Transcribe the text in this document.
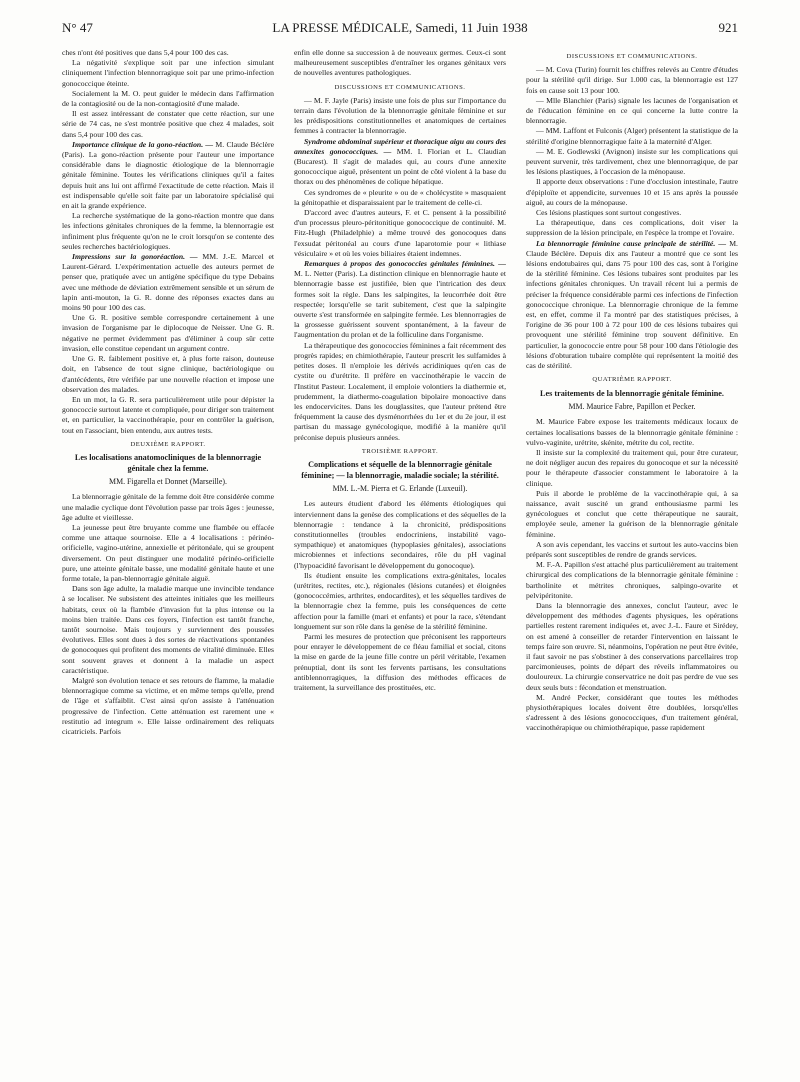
N° 47	LA PRESSE MÉDICALE, Samedi, 11 Juin 1938	921

ches n'ont été positives que dans 5,4 pour 100 des cas.

La négativité s'explique soit par une infection simulant cliniquement l'infection blennorragique soit par une primo-infection gonococcique éteinte.

Socialement la M. O. peut guider le médecin dans l'affirmation de la contagiosité ou de la non-contagiosité d'une malade.

Il est assez intéressant de constater que cette réaction, sur une série de 74 cas, ne s'est montrée positive que chez 4 malades, soit dans 5,4 pour 100 des cas.

Importance clinique de la gono-réaction. — M. Claude Béclère (Paris). La gono-réaction présente pour l'auteur une importance considérable dans le diagnostic étiologique de la blennorragie génitale féminine. Toutes les vérifications cliniques qu'il a faites depuis huit ans lui ont affirmé l'exactitude de cette réaction. Mais il est indispensable qu'elle soit faite par un laboratoire spécialisé qui en ait la grande expérience.

La recherche systématique de la gono-réaction montre que dans les infections génitales chroniques de la femme, la blennorragie est infiniment plus fréquente qu'on ne le croit lorsqu'on se contente des seules recherches bactériologiques.

Impressions sur la gonoréaction. — MM. J.-E. Marcel et Laurent-Gérard. L'expérimentation actuelle des auteurs permet de penser que, pratiquée avec un antigène spécifique du type Debains avec une méthode de déviation extrêmement sensible et un sérum de lapin anti-mouton, la G. R. donne des réponses exactes dans au moins 90 pour 100 des cas.

Une G. R. positive semble correspondre certainement à une invasion de l'organisme par le diplocoque de Neisser. Une G. R. négative ne permet évidemment pas d'éliminer à coup sûr cette invasion, elle constitue cependant un argument contre.

Une G. R. faiblement positive et, à plus forte raison, douteuse doit, en l'absence de tout signe clinique, bactériologique ou d'antécédents, être vérifiée par une nouvelle réaction et impose une observation des malades.

En un mot, la G. R. sera particulièrement utile pour dépister la gonococcie surtout latente et compliquée, pour diriger son traitement et, en particulier, la vaccinothérapie, pour en contrôler la guérison, tout en l'associant, bien entendu, aux autres tests.

DEUXIÈME RAPPORT.
Les localisations anatomocliniques de la blennorragie génitale chez la femme.
MM. Figarella et Donnet (Marseille).

La blennorragie génitale de la femme doit être considérée comme une maladie cyclique dont l'évolution passe par trois âges : jeunesse, âge adulte et vieillesse.

La jeunesse peut être bruyante comme une flambée ou effacée comme une attaque sournoise. Elle a 4 localisations : périnéo-orificielle, vagino-utérine, annexielle et péritonéale, qui se groupent diversement. On peut distinguer une modalité périnéo-orificielle pure, une atteinte génitale basse, une modalité génitale haute et une forme totale, la pan-blennorragie génitale aiguë.

Dans son âge adulte, la maladie marque une invincible tendance à se localiser. Ne subsistent des atteintes initiales que les meilleurs habitats, ceux où la flambée d'invasion fut la plus intense ou la moins bien traitée. Dans ces foyers, l'infection est tantôt franche, tantôt sournoise. Mais toujours y surviennent des poussées évolutives. Elles sont dues à des sortes de réactivations spontanées de gonocoques qui profitent des moments de vitalité diminuée. Elles sont souvent graves et donnent à la maladie un aspect caractéristique.

Malgré son évolution tenace et ses retours de flamme, la maladie blennorragique comme sa victime, et en même temps qu'elle, prend de l'âge et s'affaiblit. C'est ainsi qu'on assiste à l'atténuation progressive de l'infection. Cette atténuation est rarement une « restitutio ad integrum ». Elle laisse ordinairement des reliquats cicatriciels. Parfois

enfin elle donne sa succession à de nouveaux germes. Ceux-ci sont malheureusement susceptibles d'entraîner les organes génitaux vers de nouvelles aventures pathologiques.

DISCUSSIONS ET COMMUNICATIONS.

— M. F. Jayle (Paris) insiste une fois de plus sur l'importance du terrain dans l'évolution de la blennorragie génitale féminine et sur les prédispositions constitutionnelles et anatomiques de certaines femmes à contracter la blennorragie.

Syndrome abdominal supérieur et thoracique aigu au cours des annexites gonococciques. — MM. I. Florian et L. Claudian (Bucarest). Il s'agit de malades qui, au cours d'une annexite gonococcique aiguë, présentent un point de côté violent à la base du thorax ou des phénomènes de colique hépatique.

Ces syndromes de « pleurite » ou de « cholécystite » masquaient la génitopathie et disparaissaient par le traitement de celle-ci.

D'accord avec d'autres auteurs, F. et C. pensent à la possibilité d'un processus pleuro-péritonitique gonococcique de continuité. M. Fitz-Hugh (Philadelphie) a même trouvé des gonocoques dans l'exsudat péritonéal au cours d'une laparotomie pour « lithiase vésiculaire » et où les voies biliaires étaient indemnes.

Remarques à propos des gonococcies génitales féminines. — M. L. Netter (Paris). La distinction clinique en blennorragie haute et blennorragie basse est justifiée, bien que l'intrication des deux formes soit la règle. Dans les salpingites, la leucorrhée doit être respectée; lorsqu'elle se tarit subitement, c'est que la salpingite ouverte s'est transformée en salpingite fermée. Les blennorragies de la grossesse guérissent souvent spontanément, à la faveur de l'augmentation du prolan et de la folliculine dans l'organisme.

La thérapeutique des gonococcies féminines a fait récemment des progrès rapides; en chimiothérapie, l'auteur prescrit les sulfamides à petites doses. Il n'emploie les dérivés acridiniques qu'en cas de cystite ou d'urétrite. Il préfère en vaccinothérapie le vaccin de l'Institut Pasteur. Localement, il emploie volontiers la diathermie et, prudemment, la diathermo-coagulation bipolaire monoactive dans les endocervicites. Dans les douglassites, que l'auteur prétend être fréquemment la cause des dysménorrhées du 1er et du 2e jour, il est partisan du massage gynécologique, modifié à la manière qu'il préconise depuis plusieurs années.

TROISIÈME RAPPORT.
Complications et séquelle de la blennorragie génitale féminine; — la blennorragie, maladie sociale; la stérilité.
MM. L.-M. Pierra et G. Erlande (Luxeuil).

Les auteurs étudient d'abord les éléments étiologiques qui interviennent dans la genèse des complications et des séquelles de la blennorragie : tendance à la chronicité, prédispositions constitutionnelles (troubles endocriniens, instabilité vago-sympathique) et anatomiques (hypoplasies génitales), associations microbiennes et infections secondaires, rôle du pH vaginal (l'hypoacidité favorisant le développement du gonocoque).

Ils étudient ensuite les complications extra-génitales, locales (urétrites, rectites, etc.), régionales (lésions cutanées) et éloignées (gonococcémies, arthrites, endocardites), et les séquelles tardives de la blennorragie chez la femme, puis les conséquences de cette affection pour la famille (mari et enfants) et pour la race, s'étendant longuement sur son rôle dans la genèse de la stérilité féminine.

Parmi les mesures de protection que préconisent les rapporteurs pour enrayer le développement de ce fléau familial et social, citons la mise en garde de la jeune fille contre un péril véritable, l'examen prénuptial, dont ils sont les fervents partisans, les consultations antiblennorragiques, la diffusion des méthodes efficaces de traitement, la surveillance des prostituées, etc.

DISCUSSIONS ET COMMUNICATIONS.

— M. Cova (Turin) fournit les chiffres relevés au Centre d'études pour la stérilité qu'il dirige. Sur 1.000 cas, la blennorragie est 127 fois en cause soit 13 pour 100.

— Mlle Blanchier (Paris) signale les lacunes de l'organisation et de l'éducation féminine en ce qui concerne la lutte contre la blennorragie.

— MM. Laffont et Fulconis (Alger) présentent la statistique de la stérilité d'origine blennorragique faite à la maternité d'Alger.

— M. E. Godlewski (Avignon) insiste sur les complications qui peuvent survenir, très tardivement, chez une blennorragique, de par les lésions plastiques, à l'occasion de la ménopause.

Il apporte deux observations : l'une d'occlusion intestinale, l'autre d'épiploïte et appendicite, survenues 10 et 15 ans après la poussée aiguë, au cours de la ménopause.

Ces lésions plastiques sont surtout congestives.

La thérapeutique, dans ces complications, doit viser la suppression de la lésion principale, en l'espèce la trompe et l'ovaire.

La blennorragie féminine cause principale de stérilité. — M. Claude Béclère. Depuis dix ans l'auteur a montré que ce sont les lésions endotubaires qui, dans 75 pour 100 des cas, sont à l'origine de la stérilité féminine. Ces lésions tubaires sont produites par les infections génitales chroniques. Un travail récent lui a permis de préciser la fréquence considérable parmi ces infections de l'infection gonococcique chronique. La blennorragie chronique de la femme est, en effet, comme il l'a montré par des statistiques précises, à l'origine de 36 pour 100 à 72 pour 100 de ces lésions tubaires qui provoquent une stérilité féminine trop souvent définitive. En particulier, la gonococcie entre pour 58 pour 100 dans l'étiologie des lésions d'obturation tubaire complète qui représentent la moitié des cas de stérilité.

QUATRIÈME RAPPORT.
Les traitements de la blennorragie génitale féminine.
MM. Maurice Fabre, Papillon et Pecker.

M. Maurice Fabre expose les traitements médicaux locaux de certaines localisations basses de la blennorragie génitale féminine : vulvo-vaginite, urétrite, skénite, métrite du col, rectite.

Il insiste sur la complexité du traitement qui, pour être curateur, ne doit négliger aucun des repaires du gonocoque et sur la nécessité pour le thérapeute d'associer constamment le laboratoire à la clinique.

Puis il aborde le problème de la vaccinothérapie qui, à sa naissance, avait suscité un grand enthousiasme parmi les gynécologues et conclut que cette thérapeutique ne saurait, employée seule, amener la guérison de la blennorragie génitale féminine.

A son avis cependant, les vaccins et surtout les auto-vaccins bien préparés sont susceptibles de rendre de grands services.

M. F.-A. Papillon s'est attaché plus particulièrement au traitement chirurgical des complications de la blennorragie génitale féminine : bartholinite et métrites chroniques, salpingo-ovarite et pelvipéritonite.

Dans la blennorragie des annexes, conclut l'auteur, avec le développement des méthodes d'agents physiques, les opérations partielles restent rarement indiquées et, avec J.-L. Faure et Sirédey, on est amené à conseiller de retarder l'intervention en laissant le temps faire son œuvre. Si, néanmoins, l'opération ne peut être évitée, il faut savoir ne pas s'obstiner à des conservations parcellaires trop parcimonieuses, points de départ des réveils inflammatoires ou douloureux. La chirurgie conservatrice ne doit pas perdre de vue ses deux seuls buts : fécondation et menstruation.

M. André Pecker, considérant que toutes les méthodes physiothérapiques locales doivent être doublées, lorsqu'elles s'adressent à des lésions gonococciques, d'un traitement général, vaccinothérapique ou chimiothérapique, passe rapidement
